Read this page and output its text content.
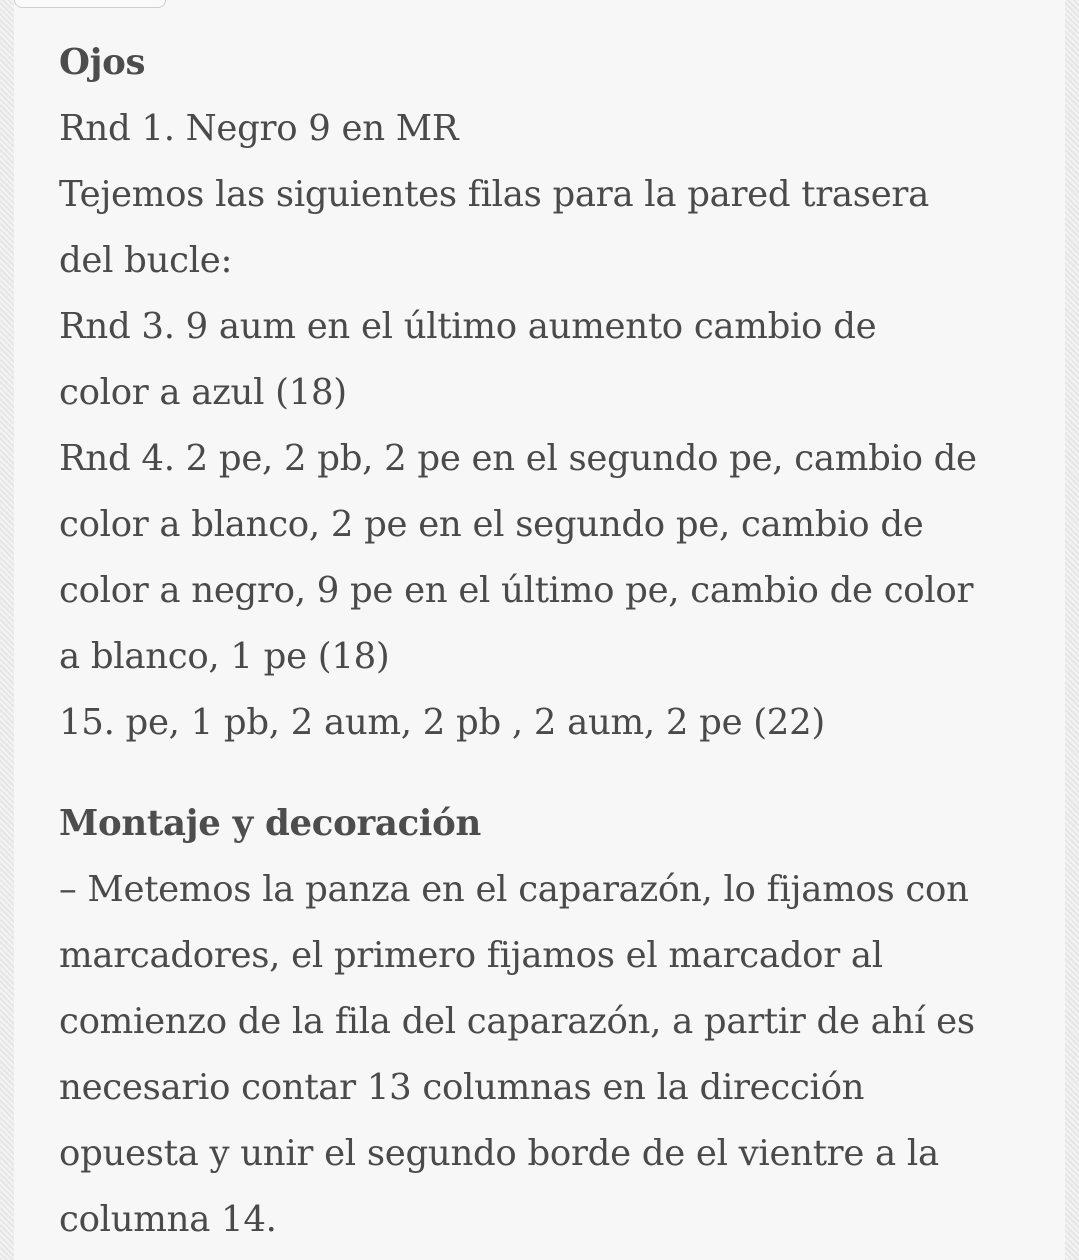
Ojos
Rnd 1. Negro 9 en MR
Tejemos las siguientes filas para la pared trasera
del bucle:
Rnd 3. 9 aum en el último aumento cambio de
color a azul (18)
Rnd 4. 2 pe, 2 pb, 2 pe en el segundo pe, cambio de
color a blanco, 2 pe en el segundo pe, cambio de
color a negro, 9 pe en el último pe, cambio de color
a blanco, 1 pe (18)
15. pe, 1 pb, 2 aum, 2 pb , 2 aum, 2 pe (22)
Montaje y decoración
– Metemos la panza en el caparazón, lo fijamos con
marcadores, el primero fijamos el marcador al
comienzo de la fila del caparazón, a partir de ahí es
necesario contar 13 columnas en la dirección
opuesta y unir el segundo borde de el vientre a la
columna 14.
